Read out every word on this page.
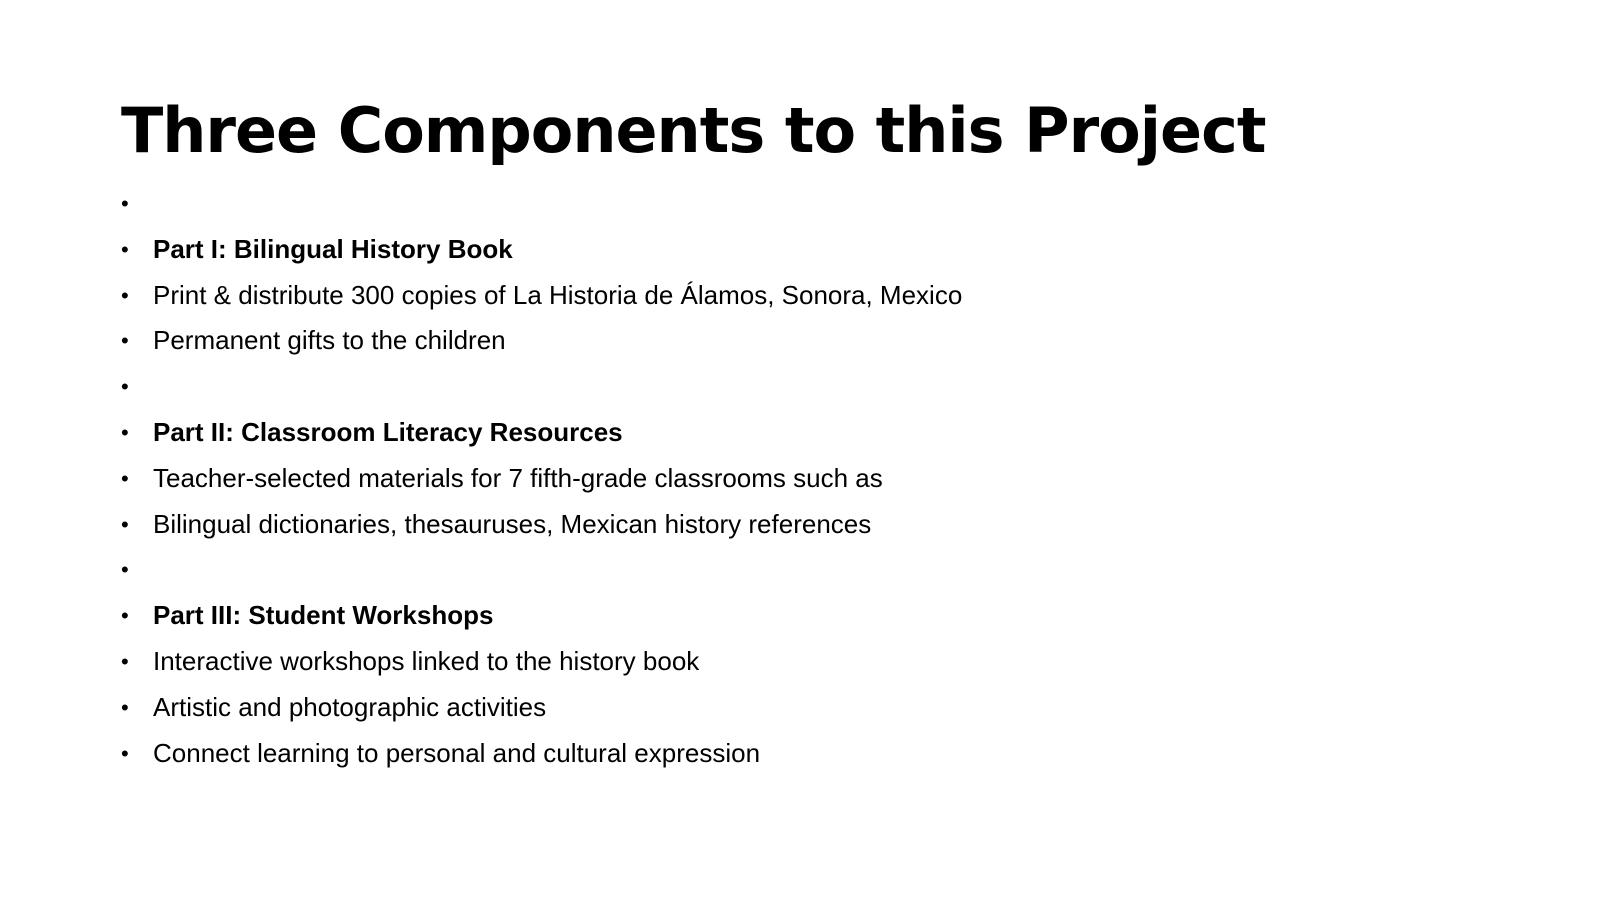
Three Components to this Project
•
• Part I: Bilingual History Book
• Print & distribute 300 copies of La Historia de Álamos, Sonora, Mexico
• Permanent gifts to the children
•
• Part II: Classroom Literacy Resources
• Teacher-selected materials for 7 fifth-grade classrooms such as
• Bilingual dictionaries, thesauruses, Mexican history references
•
• Part III: Student Workshops
• Interactive workshops linked to the history book
• Artistic and photographic activities
• Connect learning to personal and cultural expression
